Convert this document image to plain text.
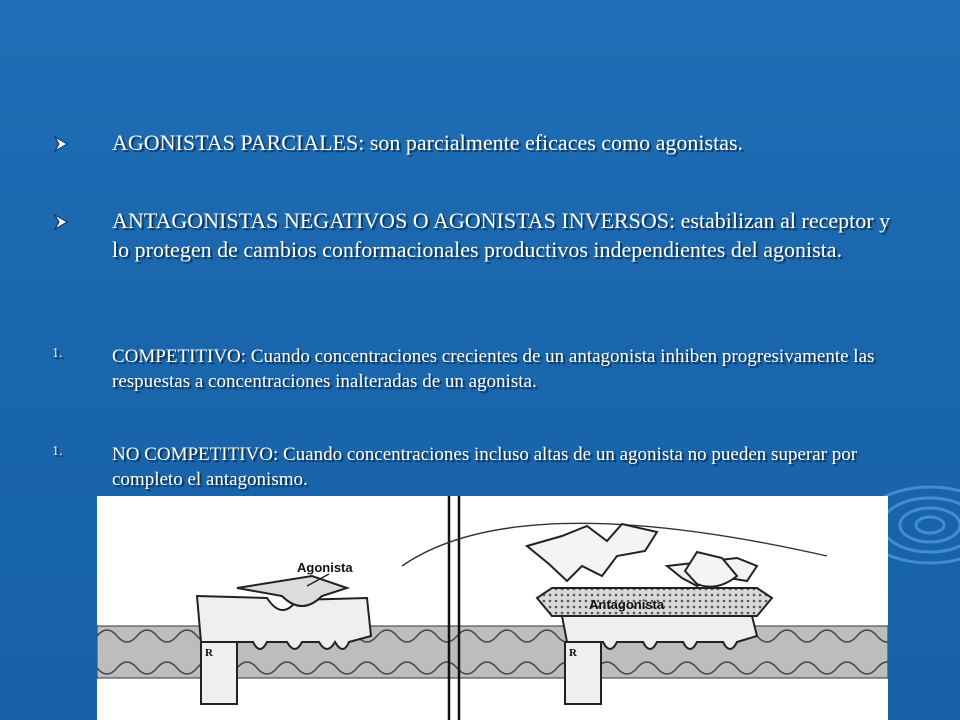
AGONISTAS PARCIALES: son parcialmente eficaces como agonistas.
ANTAGONISTAS NEGATIVOS O AGONISTAS INVERSOS: estabilizan al receptor y lo protegen de cambios conformacionales productivos independientes del agonista.
1.	COMPETITIVO: Cuando concentraciones crecientes de un antagonista inhiben progresivamente las respuestas a concentraciones inalteradas de un agonista.
1.	NO COMPETITIVO: Cuando concentraciones incluso altas de un agonista no pueden superar por completo el antagonismo.
R
Agonista
Antagonista
R
